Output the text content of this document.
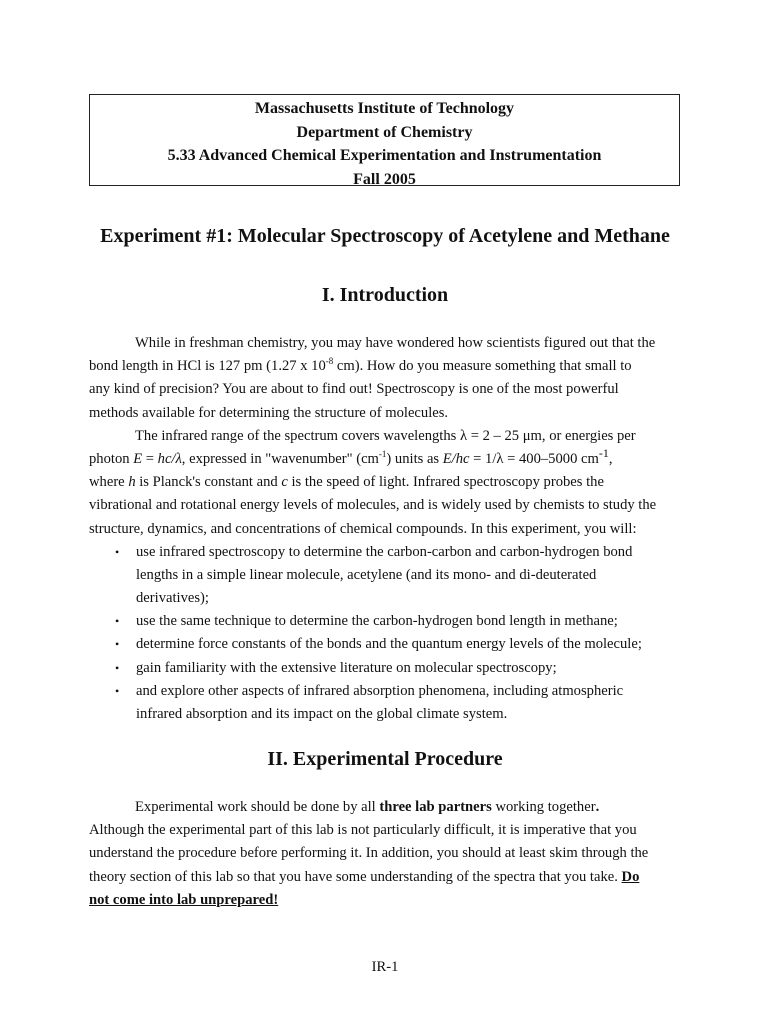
Massachusetts Institute of Technology
Department of Chemistry
5.33 Advanced Chemical Experimentation and Instrumentation
Fall 2005
Experiment #1: Molecular Spectroscopy of Acetylene and Methane
I. Introduction
While in freshman chemistry, you may have wondered how scientists figured out that the
bond length in HCl is 127 pm (1.27 x $10^{-8}$ cm). How do you measure something that small to
any kind of precision? You are about to find out! Spectroscopy is one of the most powerful
methods available for determining the structure of molecules.
The infrared range of the spectrum covers wavelengths λ = 2 – 25 μm, or energies per
photon E = hc/λ, expressed in "wavenumber" $(cm^{-1})$ units as E/hc = 1/λ = 400–5000 $cm^{-1}$,
where h is Planck's constant and c is the speed of light. Infrared spectroscopy probes the
vibrational and rotational energy levels of molecules, and is widely used by chemists to study the
structure, dynamics, and concentrations of chemical compounds. In this experiment, you will:
• use infrared spectroscopy to determine the carbon-carbon and carbon-hydrogen bond
lengths in a simple linear molecule, acetylene (and its mono- and di-deuterated
derivatives);
• use the same technique to determine the carbon-hydrogen bond length in methane;
• determine force constants of the bonds and the quantum energy levels of the molecule;
• gain familiarity with the extensive literature on molecular spectroscopy;
• and explore other aspects of infrared absorption phenomena, including atmospheric
infrared absorption and its impact on the global climate system.
II. Experimental Procedure
Experimental work should be done by all three lab partners working together.
Although the experimental part of this lab is not particularly difficult, it is imperative that you
understand the procedure before performing it. In addition, you should at least skim through the
theory section of this lab so that you have some understanding of the spectra that you take. Do
not come into lab unprepared!
IR-1
